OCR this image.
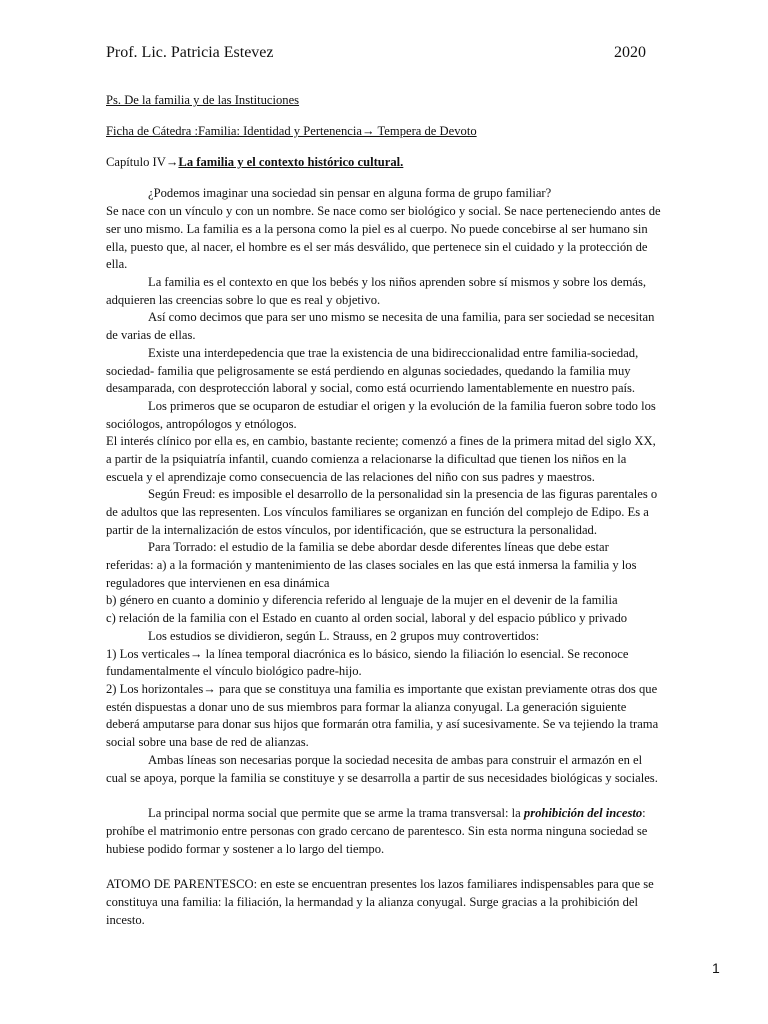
Prof. Lic. Patricia Estevez	2020
Ps. De la familia y de las Instituciones
Ficha de Cátedra :Familia: Identidad y Pertenencia→ Tempera de Devoto
Capítulo IV→La familia y el contexto histórico cultural.
¿Podemos imaginar una sociedad sin pensar en alguna forma de grupo familiar?
Se nace con un vínculo y con un nombre. Se nace como ser biológico y social. Se nace perteneciendo antes de
ser uno mismo. La familia es a la persona como la piel es al cuerpo. No puede concebirse al ser humano sin
ella, puesto que, al nacer, el hombre es el ser más desválido, que pertenece sin el cuidado y la protección de
ella.
La familia es el contexto en que los bebés y los niños aprenden sobre sí mismos y sobre los demás,
adquieren las creencias sobre lo que es real y objetivo.
Así como decimos que para ser uno mismo se necesita de una familia, para ser sociedad se necesitan
de varias de ellas.
Existe una interdepedencia que trae la existencia de una bidireccionalidad entre familia-sociedad,
sociedad- familia que peligrosamente se está perdiendo en algunas sociedades, quedando la familia muy
desamparada, con desprotección laboral y social, como está ocurriendo lamentablemente en nuestro país.
Los primeros que se ocuparon de estudiar el origen y la evolución de la familia fueron sobre todo los
sociólogos, antropólogos y etnólogos.
El interés clínico por ella es, en cambio, bastante reciente; comenzó a fines de la primera mitad del siglo XX,
a partir de la psiquiatría infantil, cuando comienza a relacionarse la dificultad que tienen los niños en la
escuela y el aprendizaje como consecuencia de las relaciones del niño con sus padres y maestros.
Según Freud: es imposible el desarrollo de la personalidad sin la presencia de las figuras parentales o
de adultos que las representen. Los vínculos familiares se organizan en función del complejo de Edipo. Es a
partir de la internalización de estos vínculos, por identificación, que se estructura la personalidad.
Para Torrado: el estudio de la familia se debe abordar desde diferentes líneas que debe estar
referidas: a) a la formación y mantenimiento de las clases sociales en las que está inmersa la familia y los
reguladores que intervienen en esa dinámica
b) género en cuanto a dominio y diferencia referido al lenguaje de la mujer en el devenir de la familia
c) relación de la familia con el Estado en cuanto al orden social, laboral y del espacio público y privado
Los estudios se dividieron, según L. Strauss, en 2 grupos muy controvertidos:
1) Los verticales→ la línea temporal diacrónica es lo básico, siendo la filiación lo esencial. Se reconoce
fundamentalmente el vínculo biológico padre-hijo.
2) Los horizontales→ para que se constituya una familia es importante que existan previamente otras dos que
estén dispuestas a donar uno de sus miembros para formar la alianza conyugal. La generación siguiente
deberá amputarse para donar sus hijos que formarán otra familia, y así sucesivamente. Se va tejiendo la trama
social sobre una base de red de alianzas.
Ambas líneas son necesarias porque la sociedad necesita de ambas para construir el armazón en el
cual se apoya, porque la familia se constituye y se desarrolla a partir de sus necesidades biológicas y sociales.
La principal norma social que permite que se arme la trama transversal: la prohibición del incesto:
prohíbe el matrimonio entre personas con grado cercano de parentesco. Sin esta norma ninguna sociedad se
hubiese podido formar y sostener a lo largo del tiempo.
ATOMO DE PARENTESCO: en este se encuentran presentes los lazos familiares indispensables para que se
constituya una familia: la filiación, la hermandad y la alianza conyugal. Surge gracias a la prohibición del
incesto.
1
